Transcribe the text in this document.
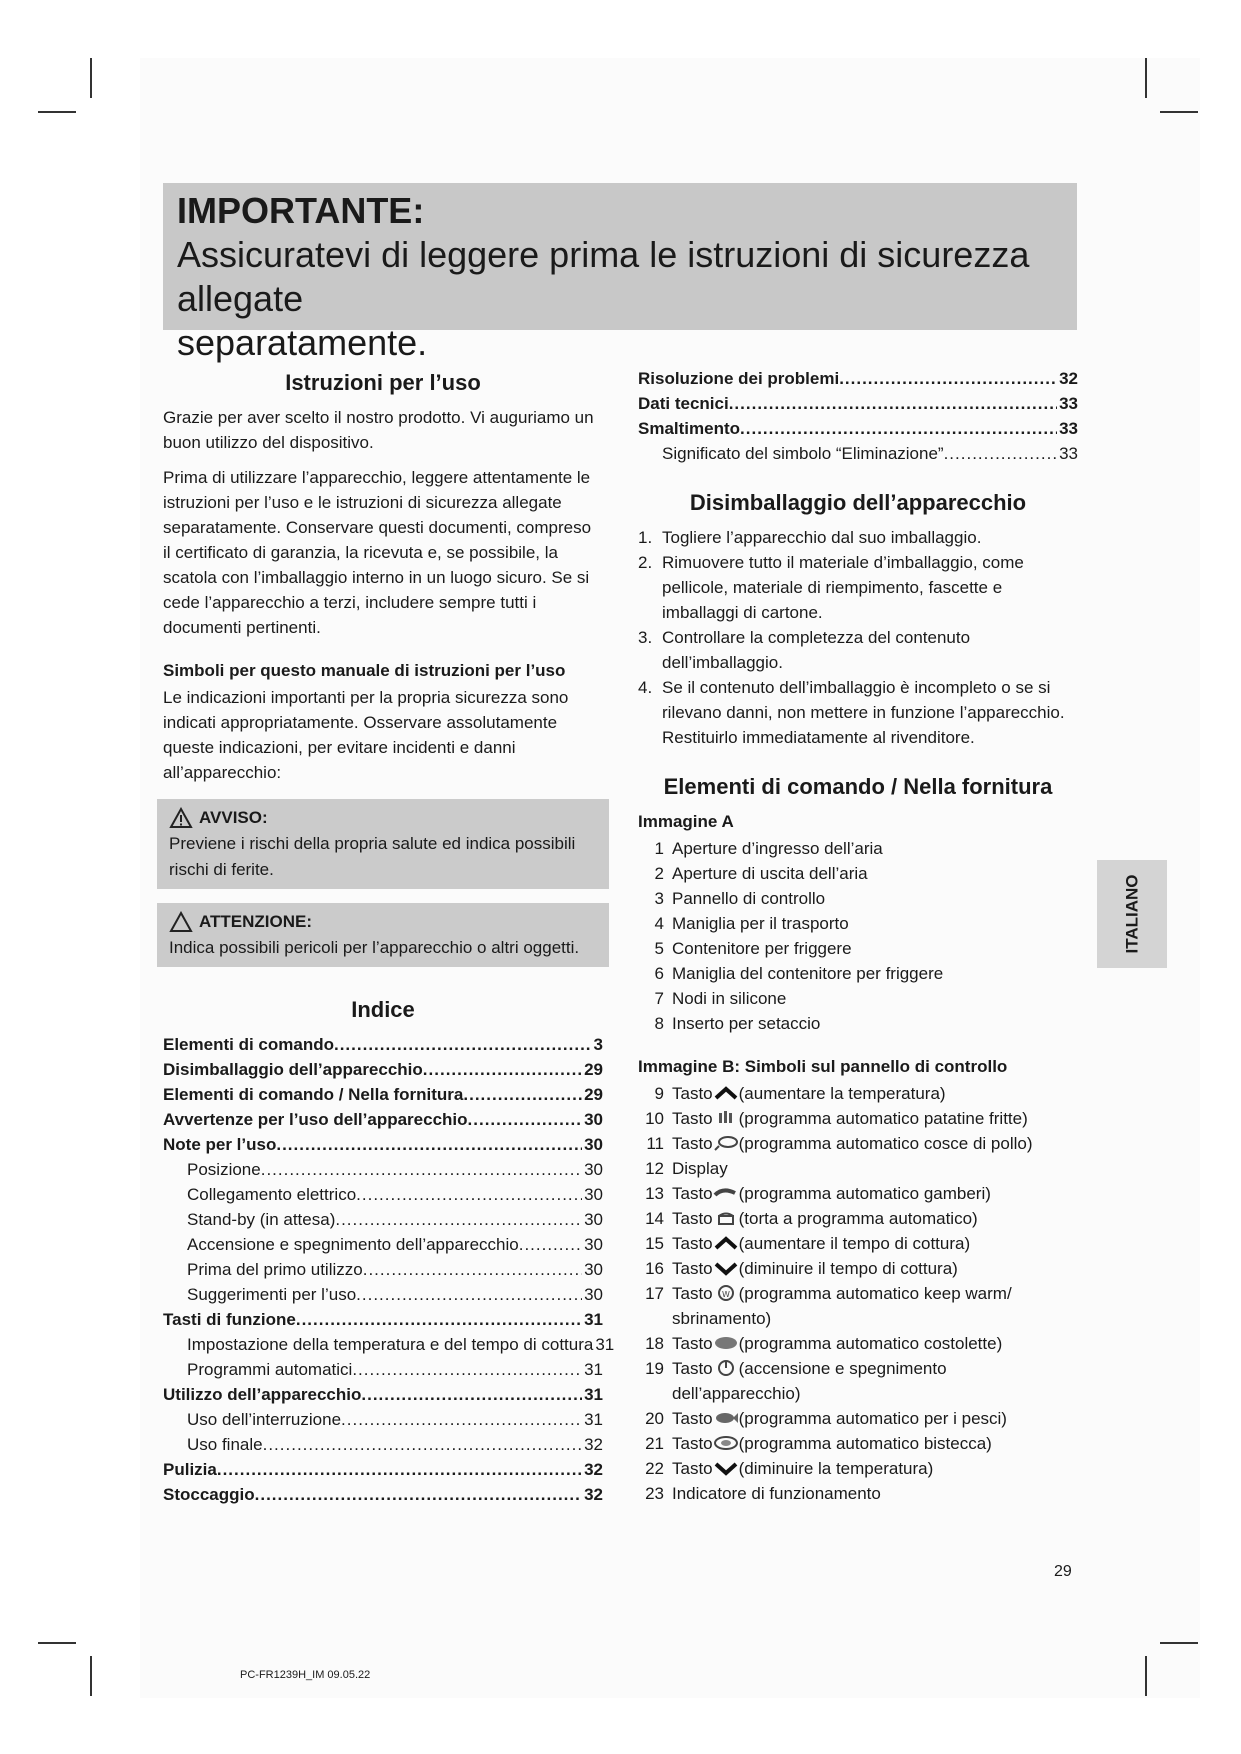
IMPORTANTE:
Assicuratevi di leggere prima le istruzioni di sicurezza allegate
separatamente.
Istruzioni per l’uso

Grazie per aver scelto il nostro prodotto. Vi auguriamo un buon utilizzo del dispositivo.

Prima di utilizzare l’apparecchio, leggere attentamente le istruzioni per l’uso e le istruzioni di sicurezza allegate separatamente. Conservare questi documenti, compreso il certificato di garanzia, la ricevuta e, se possibile, la scatola con l’imballaggio interno in un luogo sicuro. Se si cede l’apparecchio a terzi, includere sempre tutti i documenti pertinenti.

Simboli per questo manuale di istruzioni per l’uso

Le indicazioni importanti per la propria sicurezza sono indicati appropriatamente. Osservare assolutamente queste indicazioni, per evitare incidenti e danni all’apparecchio:

AVVISO:
Previene i rischi della propria salute ed indica possibili rischi di ferite.
ATTENZIONE:
Indica possibili pericoli per l’apparecchio o altri oggetti.
Indice
Elementi di comando .....	3
Disimballaggio dell’apparecchio .....	29
Elementi di comando / Nella fornitura .....	29
Avvertenze per l’uso dell’apparecchio .....	30
Note per l’uso .....	30
Posizione .....	30
Collegamento elettrico .....	30
Stand-by (in attesa) .....	30
Accensione e spegnimento dell’apparecchio .....	30
Prima del primo utilizzo .....	30
Suggerimenti per l’uso .....	30
Tasti di funzione .....	31
Impostazione della temperatura e del tempo di cottura 31
Programmi automatici .....	31
Utilizzo dell’apparecchio .....	31
Uso dell’interruzione .....	31
Uso finale .....	32
Pulizia .....	32
Stoccaggio .....	32
Risoluzione dei problemi .....	32
Dati tecnici .....	33
Smaltimento .....	33
Significato del simbolo “Eliminazione” .....	33
Disimballaggio dell’apparecchio
1. Togliere l’apparecchio dal suo imballaggio.
2. Rimuovere tutto il materiale d’imballaggio, come pellicole, materiale di riempimento, fascette e imballaggi di cartone.
3. Controllare la completezza del contenuto dell’imballaggio.
4. Se il contenuto dell’imballaggio è incompleto o se si rilevano danni, non mettere in funzione l’apparecchio. Restituirlo immediatamente al rivenditore.
Elementi di comando / Nella fornitura
Immagine A
1 Aperture d’ingresso dell’aria
2 Aperture di uscita dell’aria
3 Pannello di controllo
4 Maniglia per il trasporto
5 Contenitore per friggere
6 Maniglia del contenitore per friggere
7 Nodi in silicone
8 Inserto per setaccio
Immagine B: Simboli sul pannello di controllo
9 Tasto (aumentare la temperatura)
10 Tasto (programma automatico patatine fritte)
11 Tasto (programma automatico cosce di pollo)
12 Display
13 Tasto (programma automatico gamberi)
14 Tasto (torta a programma automatico)
15 Tasto (aumentare il tempo di cottura)
16 Tasto (diminuire il tempo di cottura)
17 Tasto W (programma automatico keep warm/ sbrinamento)
18 Tasto (programma automatico costolette)
19 Tasto (accensione e spegnimento dell’apparecchio)
20 Tasto (programma automatico per i pesci)
21 Tasto (programma automatico bistecca)
22 Tasto (diminuire la temperatura)
23 Indicatore di funzionamento
ITALIANO
29
PC-FR1239H_IM 09.05.22
